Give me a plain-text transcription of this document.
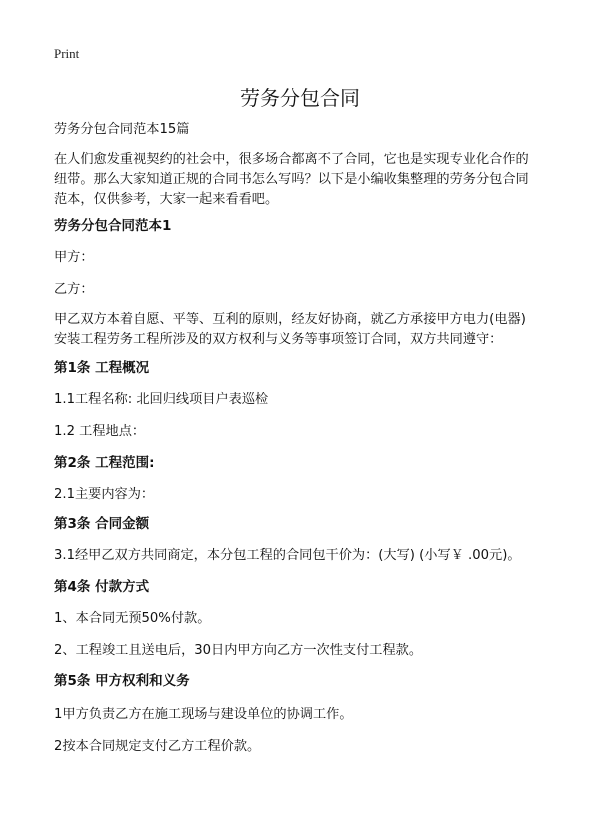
Print
劳务分包合同
劳务分包合同范本15篇
在人们愈发重视契约的社会中，很多场合都离不了合同，它也是实现专业化合作的
纽带。那么大家知道正规的合同书怎么写吗？以下是小编收集整理的劳务分包合同
范本，仅供参考，大家一起来看看吧。
劳务分包合同范本1
甲方：
乙方：
甲乙双方本着自愿、平等、互利的原则，经友好协商，就乙方承接甲方电力(电器)
安装工程劳务工程所涉及的双方权利与义务等事项签订合同，双方共同遵守：
第1条 工程概况
1.1工程名称: 北回归线项目户表巡检
1.2 工程地点：
第2条 工程范围:
2.1主要内容为：
第3条 合同金额
3.1经甲乙双方共同商定，本分包工程的合同包干价为：(大写) (小写￥ .00元)。
第4条 付款方式
1、本合同无预50%付款。
2、工程竣工且送电后，30日内甲方向乙方一次性支付工程款。
第5条 甲方权利和义务
1甲方负责乙方在施工现场与建设单位的协调工作。
2按本合同规定支付乙方工程价款。
